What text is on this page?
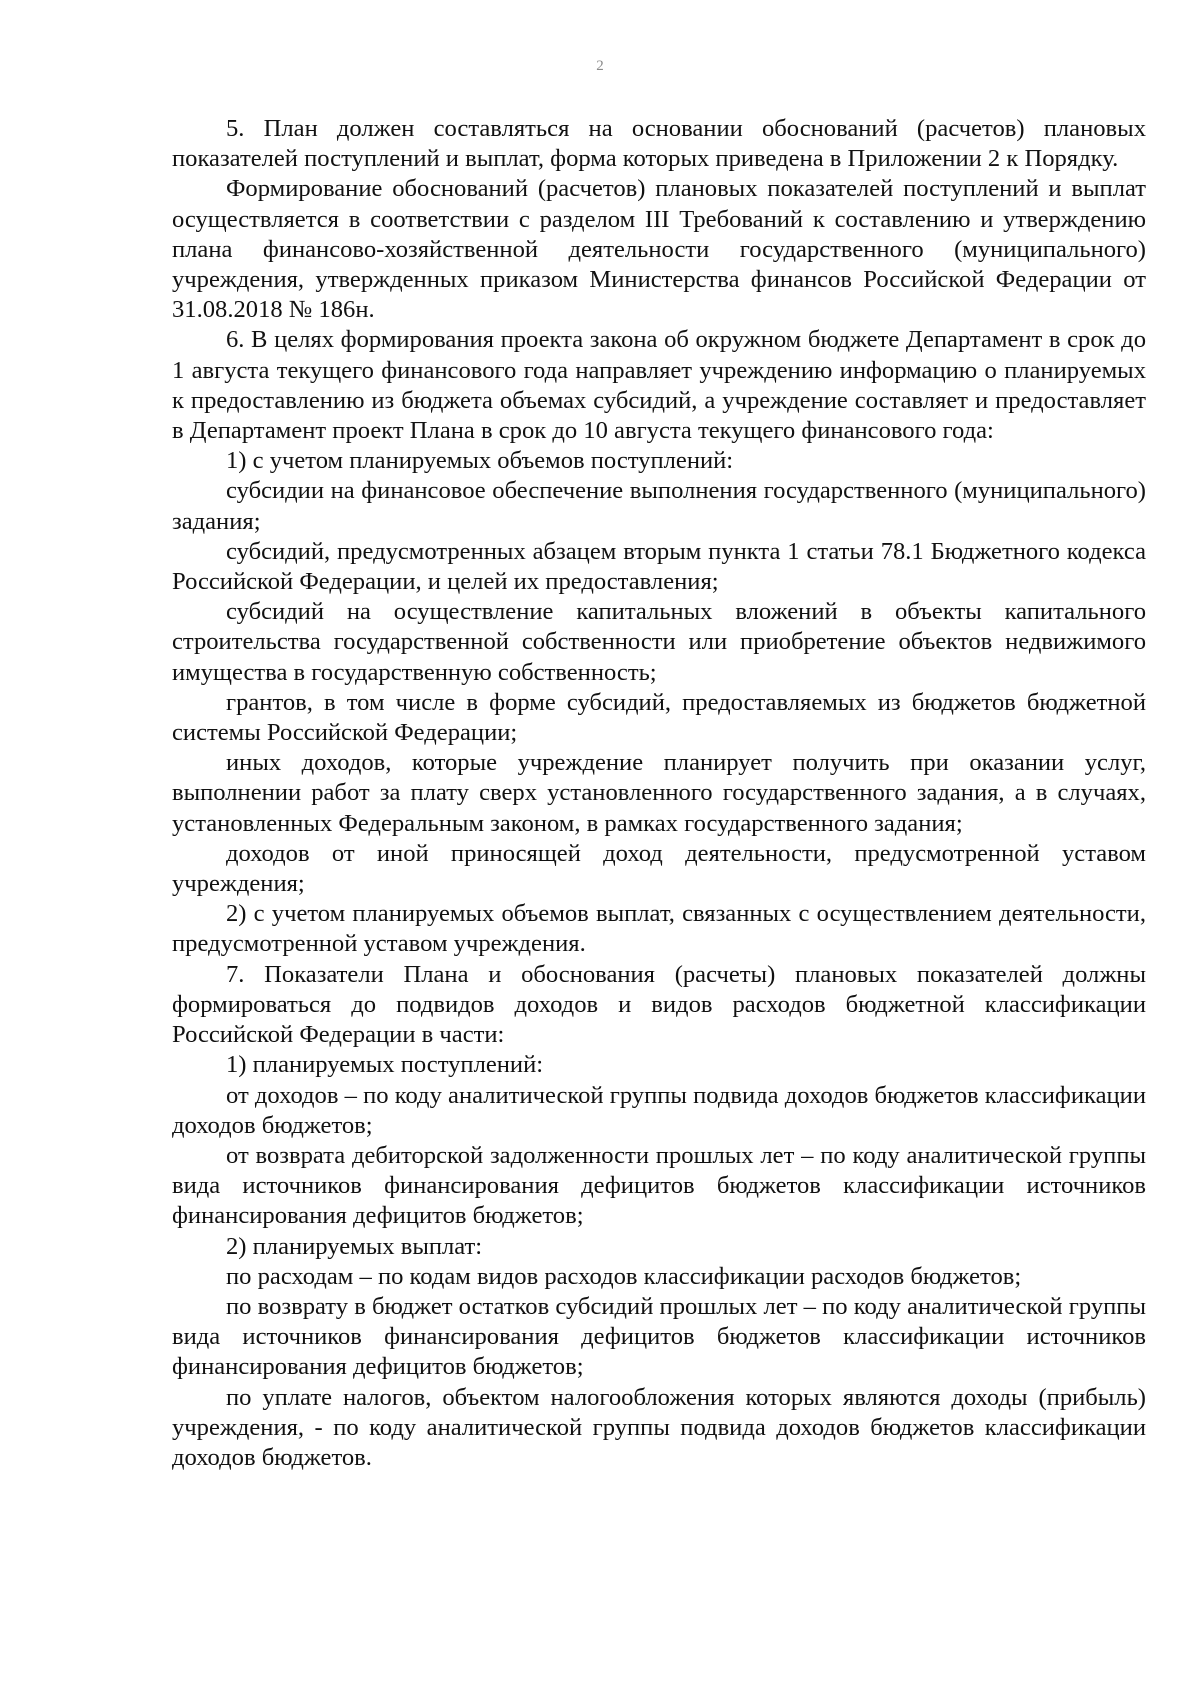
2

5. План должен составляться на основании обоснований (расчетов) плановых показателей поступлений и выплат, форма которых приведена в Приложении 2 к Порядку.

Формирование обоснований (расчетов) плановых показателей поступлений и выплат осуществляется в соответствии с разделом III Требований к составлению и утверждению плана финансово-хозяйственной деятельности государственного (муниципального) учреждения, утвержденных приказом Министерства финансов Российской Федерации от 31.08.2018 № 186н.

6. В целях формирования проекта закона об окружном бюджете Департамент в срок до 1 августа текущего финансового года направляет учреждению информацию о планируемых к предоставлению из бюджета объемах субсидий, а учреждение составляет и предоставляет в Департамент проект Плана в срок до 10 августа текущего финансового года:

1) с учетом планируемых объемов поступлений:

субсидии на финансовое обеспечение выполнения государственного (муниципального) задания;

субсидий, предусмотренных абзацем вторым пункта 1 статьи 78.1 Бюджетного кодекса Российской Федерации, и целей их предоставления;

субсидий на осуществление капитальных вложений в объекты капитального строительства государственной собственности или приобретение объектов недвижимого имущества в государственную собственность;

грантов, в том числе в форме субсидий, предоставляемых из бюджетов бюджетной системы Российской Федерации;

иных доходов, которые учреждение планирует получить при оказании услуг, выполнении работ за плату сверх установленного государственного задания, а в случаях, установленных Федеральным законом, в рамках государственного задания;

доходов от иной приносящей доход деятельности, предусмотренной уставом учреждения;

2) с учетом планируемых объемов выплат, связанных с осуществлением деятельности, предусмотренной уставом учреждения.

7. Показатели Плана и обоснования (расчеты) плановых показателей должны формироваться до подвидов доходов и видов расходов бюджетной классификации Российской Федерации в части:

1) планируемых поступлений:

от доходов – по коду аналитической группы подвида доходов бюджетов классификации доходов бюджетов;

от возврата дебиторской задолженности прошлых лет – по коду аналитической группы вида источников финансирования дефицитов бюджетов классификации источников финансирования дефицитов бюджетов;

2) планируемых выплат:

по расходам – по кодам видов расходов классификации расходов бюджетов;

по возврату в бюджет остатков субсидий прошлых лет – по коду аналитической группы вида источников финансирования дефицитов бюджетов классификации источников финансирования дефицитов бюджетов;

по уплате налогов, объектом налогообложения которых являются доходы (прибыль) учреждения, - по коду аналитической группы подвида доходов бюджетов классификации доходов бюджетов.
